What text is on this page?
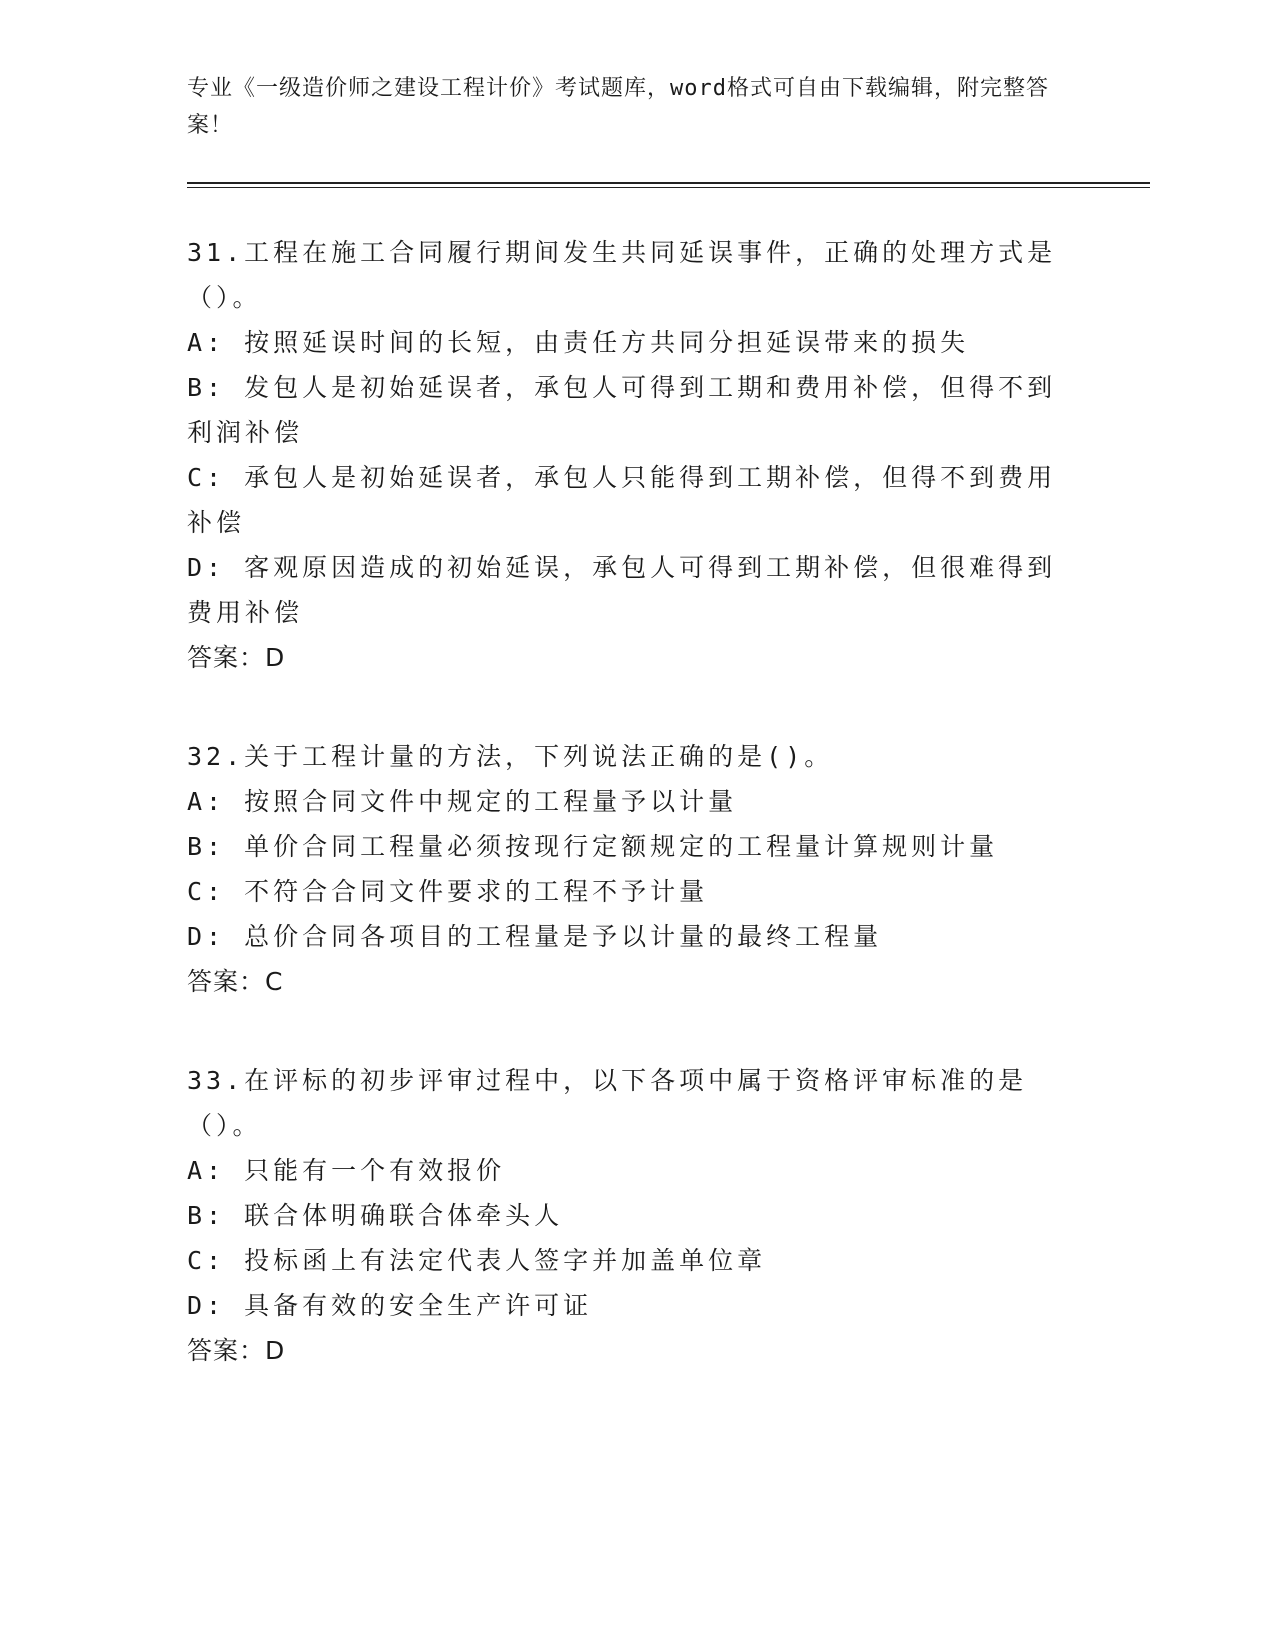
专业《一级造价师之建设工程计价》考试题库，word格式可自由下载编辑，附完整答案！
31.工程在施工合同履行期间发生共同延误事件，正确的处理方式是（）。
A: 按照延误时间的长短，由责任方共同分担延误带来的损失
B: 发包人是初始延误者，承包人可得到工期和费用补偿，但得不到利润补偿
C: 承包人是初始延误者，承包人只能得到工期补偿，但得不到费用补偿
D: 客观原因造成的初始延误，承包人可得到工期补偿，但很难得到费用补偿
答案：D
32.关于工程计量的方法，下列说法正确的是()。
A: 按照合同文件中规定的工程量予以计量
B: 单价合同工程量必须按现行定额规定的工程量计算规则计量
C: 不符合合同文件要求的工程不予计量
D: 总价合同各项目的工程量是予以计量的最终工程量
答案：C
33.在评标的初步评审过程中，以下各项中属于资格评审标准的是（）。
A: 只能有一个有效报价
B: 联合体明确联合体牵头人
C: 投标函上有法定代表人签字并加盖单位章
D: 具备有效的安全生产许可证
答案：D
